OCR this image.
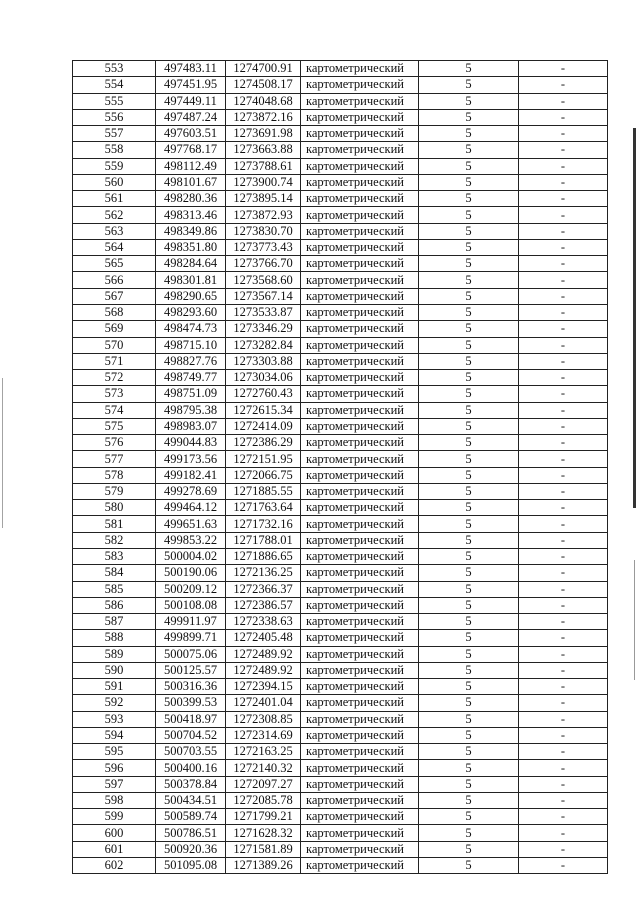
553	497483.11	1274700.91	картометрический	5	-
554	497451.95	1274508.17	картометрический	5	-
555	497449.11	1274048.68	картометрический	5	-
556	497487.24	1273872.16	картометрический	5	-
557	497603.51	1273691.98	картометрический	5	-
558	497768.17	1273663.88	картометрический	5	-
559	498112.49	1273788.61	картометрический	5	-
560	498101.67	1273900.74	картометрический	5	-
561	498280.36	1273895.14	картометрический	5	-
562	498313.46	1273872.93	картометрический	5	-
563	498349.86	1273830.70	картометрический	5	-
564	498351.80	1273773.43	картометрический	5	-
565	498284.64	1273766.70	картометрический	5	-
566	498301.81	1273568.60	картометрический	5	-
567	498290.65	1273567.14	картометрический	5	-
568	498293.60	1273533.87	картометрический	5	-
569	498474.73	1273346.29	картометрический	5	-
570	498715.10	1273282.84	картометрический	5	-
571	498827.76	1273303.88	картометрический	5	-
572	498749.77	1273034.06	картометрический	5	-
573	498751.09	1272760.43	картометрический	5	-
574	498795.38	1272615.34	картометрический	5	-
575	498983.07	1272414.09	картометрический	5	-
576	499044.83	1272386.29	картометрический	5	-
577	499173.56	1272151.95	картометрический	5	-
578	499182.41	1272066.75	картометрический	5	-
579	499278.69	1271885.55	картометрический	5	-
580	499464.12	1271763.64	картометрический	5	-
581	499651.63	1271732.16	картометрический	5	-
582	499853.22	1271788.01	картометрический	5	-
583	500004.02	1271886.65	картометрический	5	-
584	500190.06	1272136.25	картометрический	5	-
585	500209.12	1272366.37	картометрический	5	-
586	500108.08	1272386.57	картометрический	5	-
587	499911.97	1272338.63	картометрический	5	-
588	499899.71	1272405.48	картометрический	5	-
589	500075.06	1272489.92	картометрический	5	-
590	500125.57	1272489.92	картометрический	5	-
591	500316.36	1272394.15	картометрический	5	-
592	500399.53	1272401.04	картометрический	5	-
593	500418.97	1272308.85	картометрический	5	-
594	500704.52	1272314.69	картометрический	5	-
595	500703.55	1272163.25	картометрический	5	-
596	500400.16	1272140.32	картометрический	5	-
597	500378.84	1272097.27	картометрический	5	-
598	500434.51	1272085.78	картометрический	5	-
599	500589.74	1271799.21	картометрический	5	-
600	500786.51	1271628.32	картометрический	5	-
601	500920.36	1271581.89	картометрический	5	-
602	501095.08	1271389.26	картометрический	5	-
